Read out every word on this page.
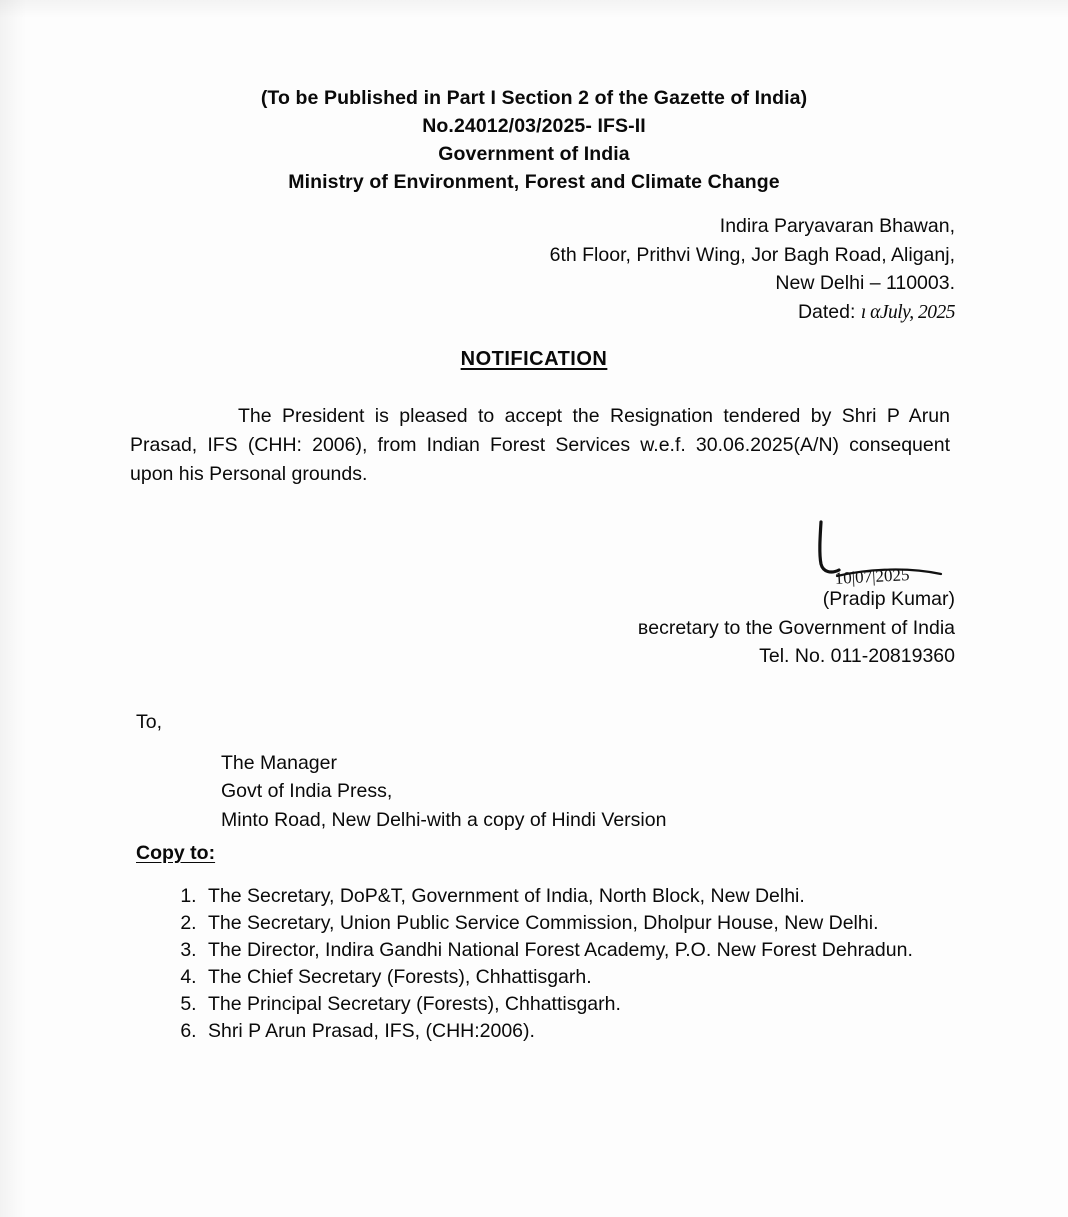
(To be Published in Part I Section 2 of the Gazette of India)
No.24012/03/2025- IFS-II
Government of India
Ministry of Environment, Forest and Climate Change
Indira Paryavaran Bhawan,
6th Floor, Prithvi Wing, Jor Bagh Road, Aliganj,
New Delhi – 110003.
Dated: ı αJuly, 2025
NOTIFICATION
The President is pleased to accept the Resignation tendered by Shri P Arun Prasad, IFS (CHH: 2006), from Indian Forest Services w.e.f. 30.06.2025(A/N) consequent upon his Personal grounds.
10|07|2025
(Pradip Kumar)
ʙecretary to the Government of India
Tel. No. 011-20819360
To,
The Manager
Govt of India Press,
Minto Road, New Delhi-with a copy of Hindi Version
Copy to:
1. The Secretary, DoP&T, Government of India, North Block, New Delhi.
2. The Secretary, Union Public Service Commission, Dholpur House, New Delhi.
3. The Director, Indira Gandhi National Forest Academy, P.O. New Forest Dehradun.
4. The Chief Secretary (Forests), Chhattisgarh.
5. The Principal Secretary (Forests), Chhattisgarh.
6. Shri P Arun Prasad, IFS, (CHH:2006).
